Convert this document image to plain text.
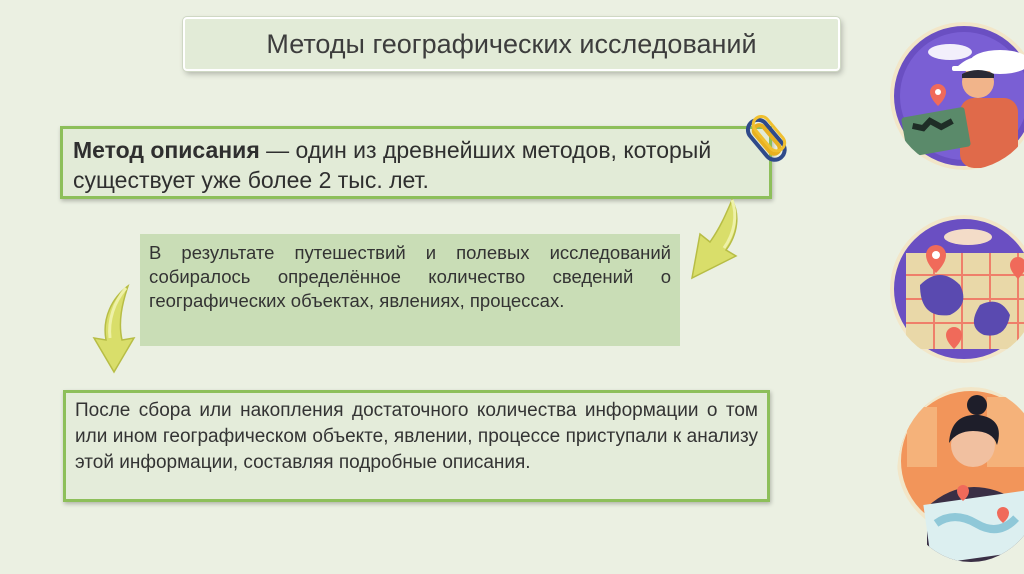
Методы географических исследований
Метод описания — один из древнейших методов, который существует уже более 2 тыс. лет.
В результате путешествий и полевых исследований собиралось определённое количество сведений о географических объектах, явлениях, процессах.
После сбора или накопления достаточного количества информации о том или ином географическом объекте, явлении, процессе приступали к анализу этой информации, составляя подробные описания.
